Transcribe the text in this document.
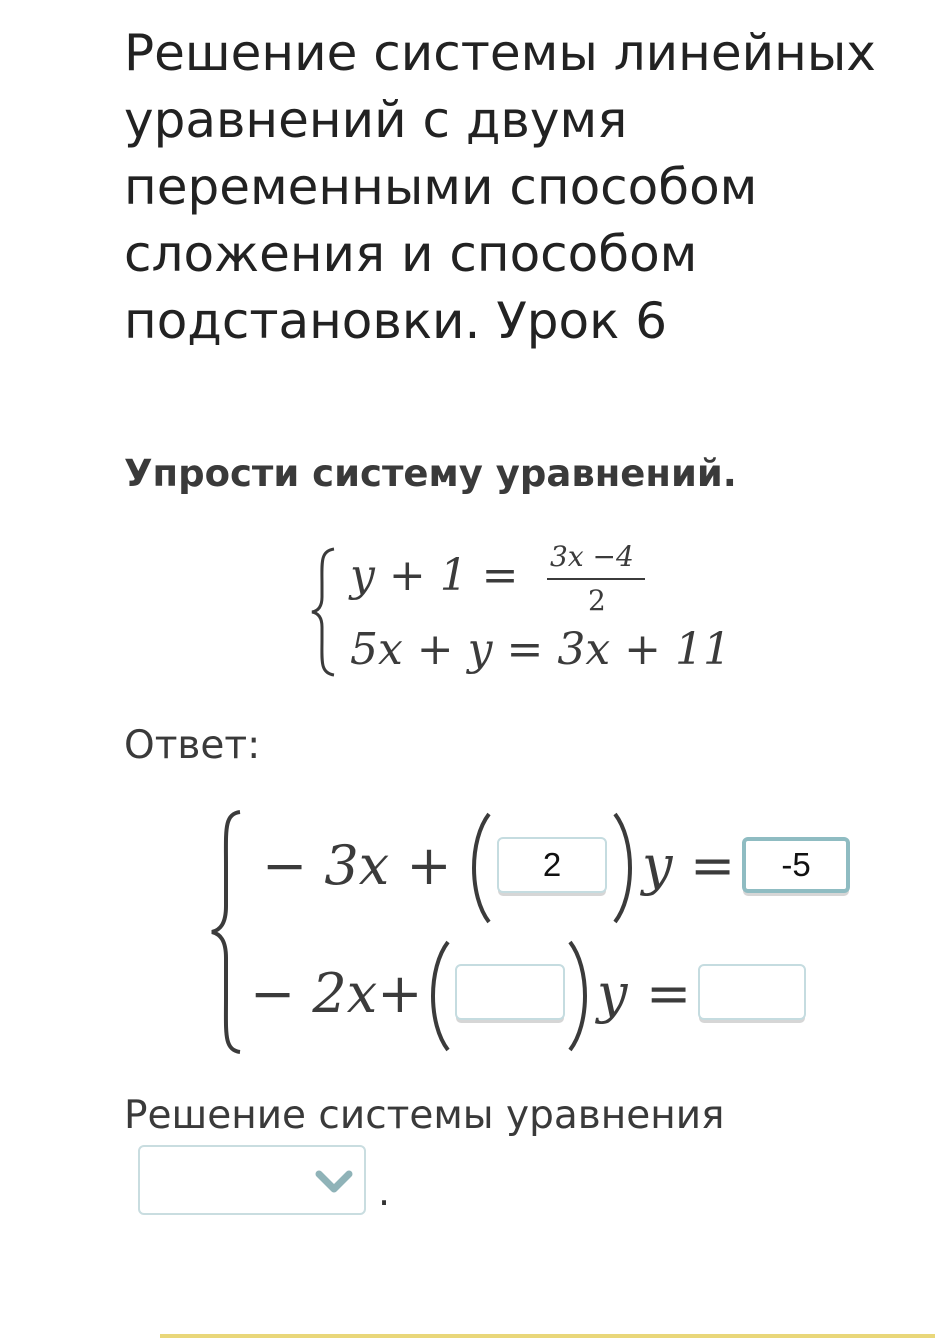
Решение системы линейных уравнений с двумя переменными способом сложения и способом подстановки. Урок 6
Упрости систему уравнений.
y + 1 = 3x −4
2
5x + y = 3x + 11
Ответ:
− 3x +
2	y =
-5
− 2x+	y =
Решение системы уравнения
.
